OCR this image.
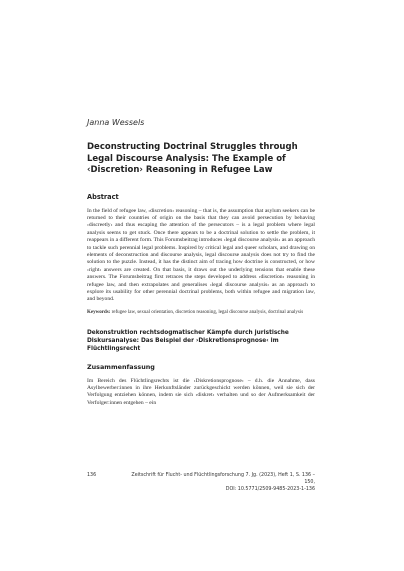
Janna Wessels

Deconstructing Doctrinal Struggles through Legal Discourse Analysis: The Example of ‹Discretion› Reasoning in Refugee Law
Abstract

In the field of refugee law, ‹discretion› reasoning – that is, the assumption that asylum seekers can be returned to their countries of origin on the basis that they can avoid persecution by behaving ‹discreetly› and thus escaping the attention of the persecutors – is a legal problem where legal analysis seems to get stuck. Once there appears to be a doctrinal solution to settle the problem, it reappears in a different form. This Forumsbeitrag introduces ‹legal discourse analysis› as an approach to tackle such perennial legal problems. Inspired by critical legal and queer scholars, and drawing on elements of deconstruction and discourse analysis, legal discourse analysis does not try to find the solution to the puzzle. Instead, it has the distinct aim of tracing how doctrine is constructed, or how ‹right› answers are created. On that basis, it draws out the underlying tensions that enable these answers. The Forumsbeitrag first retraces the steps developed to address ‹discretion› reasoning in refugee law, and then extrapolates and generalises ‹legal discourse analysis› as an approach to explore its usability for other perennial doctrinal problems, both within refugee and migration law, and beyond.

Keywords: refugee law, sexual orientation, discretion reasoning, legal discourse analysis, doctrinal analysis

Dekonstruktion rechtsdogmatischer Kämpfe durch juristische Diskursanalyse: Das Beispiel der ›Diskretionsprognose‹ im Flüchtlingsrecht
Zusammenfassung

Im Bereich des Flüchtlingsrechts ist die ›Diskretionsprognose‹ – d.h. die Annahme, dass Asylbewerber:innen in ihre Herkunftsländer zurückgeschickt werden können, weil sie sich der Verfolgung entziehen können, indem sie sich ›diskret‹ verhalten und so der Aufmerksamkeit der Verfolger:innen entgehen – ein

136	Zeitschrift für Flucht- und Flüchtlingsforschung 7. Jg. (2023), Heft 1, S. 136 – 150,
DOI: 10.5771/2509-9485-2023-1-136
